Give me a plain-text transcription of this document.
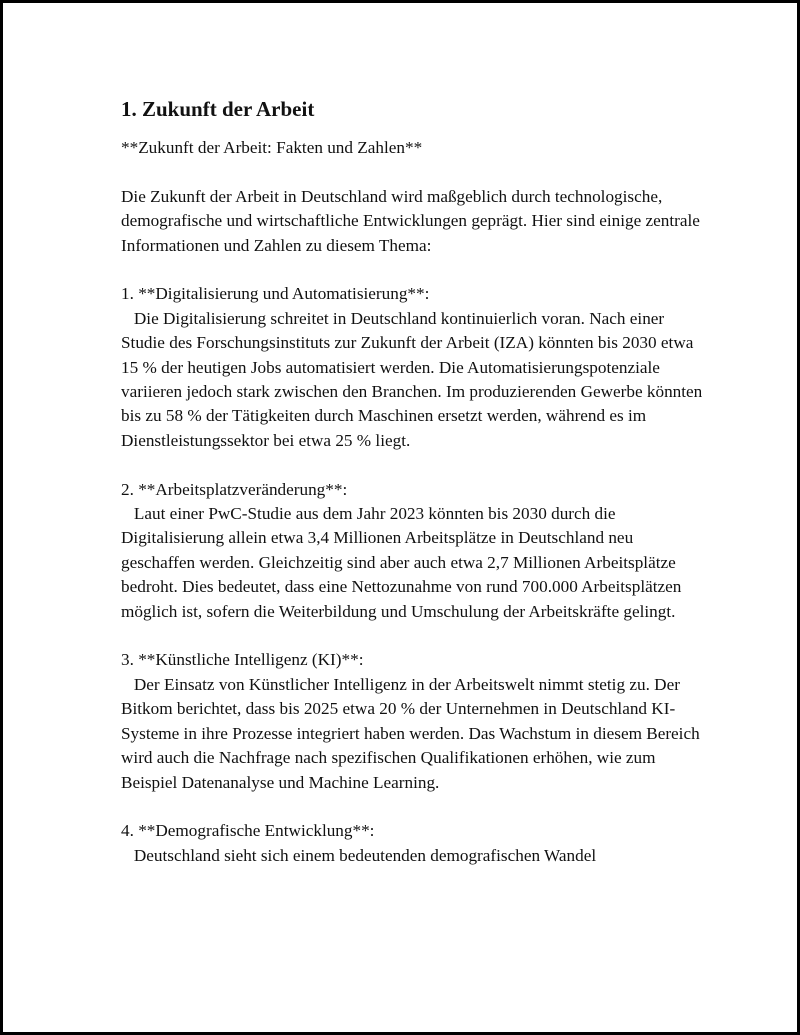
1. Zukunft der Arbeit

**Zukunft der Arbeit: Fakten und Zahlen**

Die Zukunft der Arbeit in Deutschland wird maßgeblich durch technologische, demografische und wirtschaftliche Entwicklungen geprägt. Hier sind einige zentrale Informationen und Zahlen zu diesem Thema:

1. **Digitalisierung und Automatisierung**:

Die Digitalisierung schreitet in Deutschland kontinuierlich voran. Nach einer Studie des Forschungsinstituts zur Zukunft der Arbeit (IZA) könnten bis 2030 etwa 15 % der heutigen Jobs automatisiert werden. Die Automatisierungspotenziale variieren jedoch stark zwischen den Branchen. Im produzierenden Gewerbe könnten bis zu 58 % der Tätigkeiten durch Maschinen ersetzt werden, während es im Dienstleistungssektor bei etwa 25 % liegt.

2. **Arbeitsplatzveränderung**:

Laut einer PwC-Studie aus dem Jahr 2023 könnten bis 2030 durch die Digitalisierung allein etwa 3,4 Millionen Arbeitsplätze in Deutschland neu geschaffen werden. Gleichzeitig sind aber auch etwa 2,7 Millionen Arbeitsplätze bedroht. Dies bedeutet, dass eine Nettozunahme von rund 700.000 Arbeitsplätzen möglich ist, sofern die Weiterbildung und Umschulung der Arbeitskräfte gelingt.

3. **Künstliche Intelligenz (KI)**:

Der Einsatz von Künstlicher Intelligenz in der Arbeitswelt nimmt stetig zu. Der Bitkom berichtet, dass bis 2025 etwa 20 % der Unternehmen in Deutschland KI-Systeme in ihre Prozesse integriert haben werden. Das Wachstum in diesem Bereich wird auch die Nachfrage nach spezifischen Qualifikationen erhöhen, wie zum Beispiel Datenanalyse und Machine Learning.

4. **Demografische Entwicklung**:

Deutschland sieht sich einem bedeutenden demografischen Wandel
